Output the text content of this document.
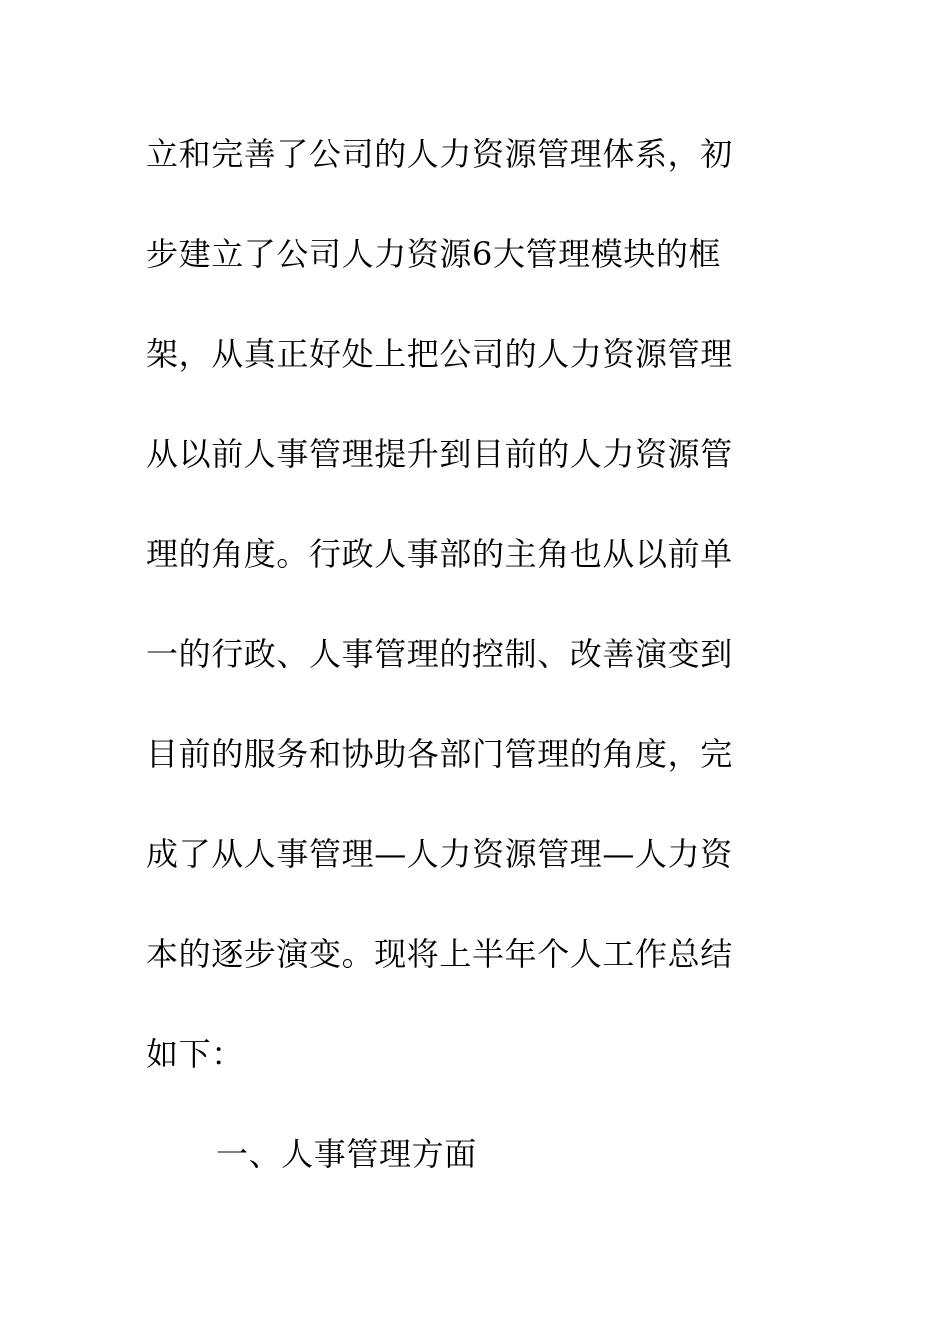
立和完善了公司的人力资源管理体系，初
步建立了公司人力资源6大管理模块的框
架，从真正好处上把公司的人力资源管理
从以前人事管理提升到目前的人力资源管
理的角度。行政人事部的主角也从以前单
一的行政、人事管理的控制、改善演变到
目前的服务和协助各部门管理的角度，完
成了从人事管理—人力资源管理—人力资
本的逐步演变。现将上半年个人工作总结
如下：
一、人事管理方面
